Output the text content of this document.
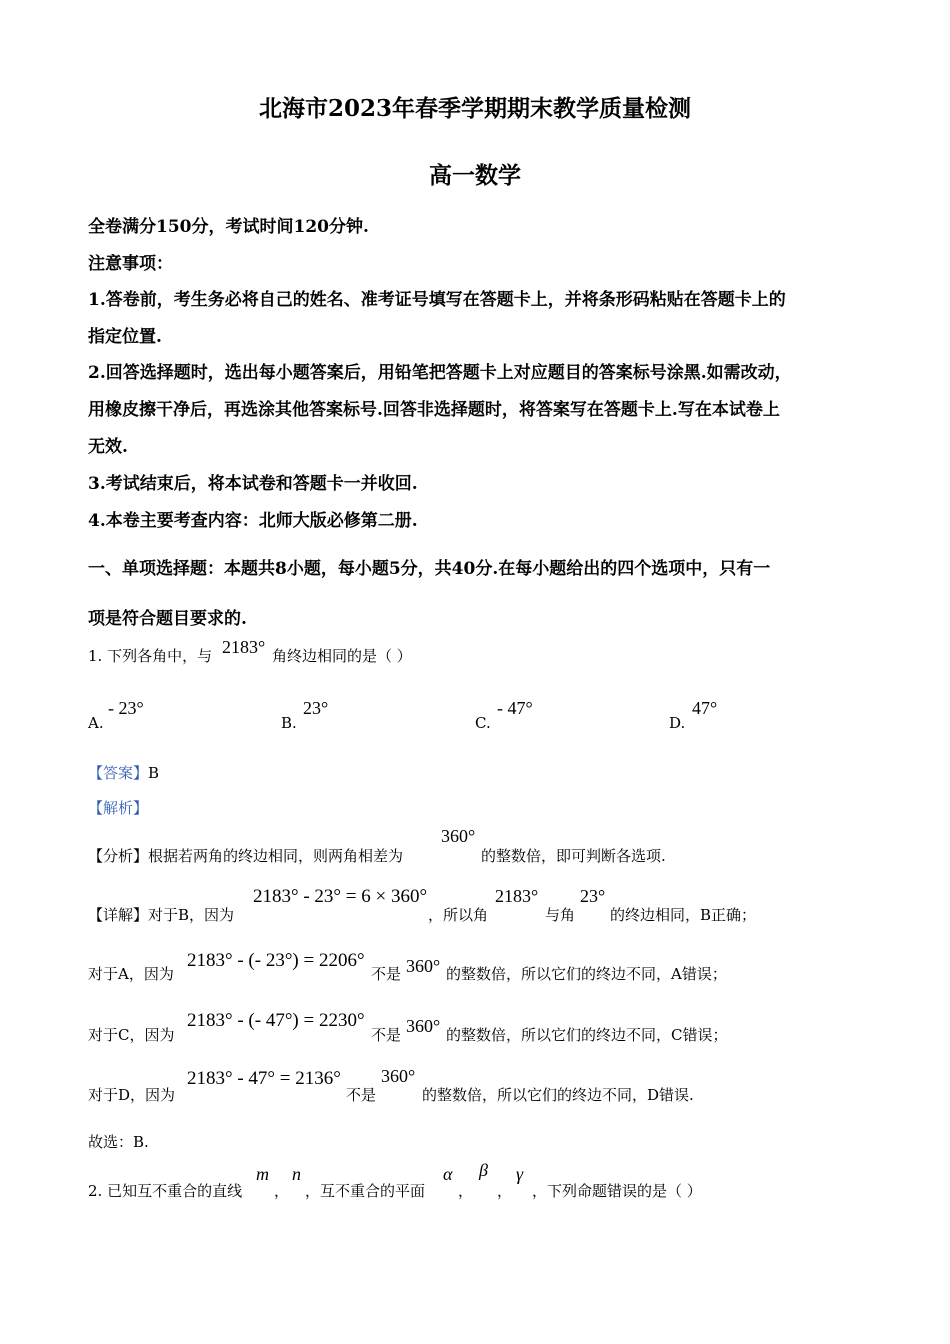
北海市2023年春季学期期末教学质量检测
高一数学
全卷满分150分，考试时间120分钟.
注意事项：
1.答卷前，考生务必将自己的姓名、准考证号填写在答题卡上，并将条形码粘贴在答题卡上的
指定位置.
2.回答选择题时，选出每小题答案后，用铅笔把答题卡上对应题目的答案标号涂黑.如需改动，
用橡皮擦干净后，再选涂其他答案标号.回答非选择题时，将答案写在答题卡上.写在本试卷上
无效.
3.考试结束后，将本试卷和答题卡一并收回.
4.本卷主要考查内容：北师大版必修第二册.
一、单项选择题：本题共8小题，每小题5分，共40分.在每小题给出的四个选项中，只有一
项是符合题目要求的.
1. 下列各角中，与 2183° 角终边相同的是（ ）
A.
- 23°
B.
23°
C.
- 47°
D.
47°
【答案】B
【解析】
【分析】根据若两角的终边相同，则两角相差为
360°
的整数倍，即可判断各选项.
【详解】对于B，因为
2183° - 23° = 6 × 360°
，所以角
2183°
与角
23°
的终边相同，B正确；
对于A，因为
2183° - (- 23°) = 2206°
不是 360° 的整数倍，所以它们的终边不同，A错误；
对于C，因为
2183° - (- 47°) = 2230°
不是 360° 的整数倍，所以它们的终边不同，C错误；
对于D，因为
2183° - 47° = 2136°
不是
360°
的整数倍，所以它们的终边不同，D错误.
故选：B.
2. 已知互不重合的直线
m
，
n
，互不重合的平面
α
，
β
，
γ
，下列命题错误的是（ ）
